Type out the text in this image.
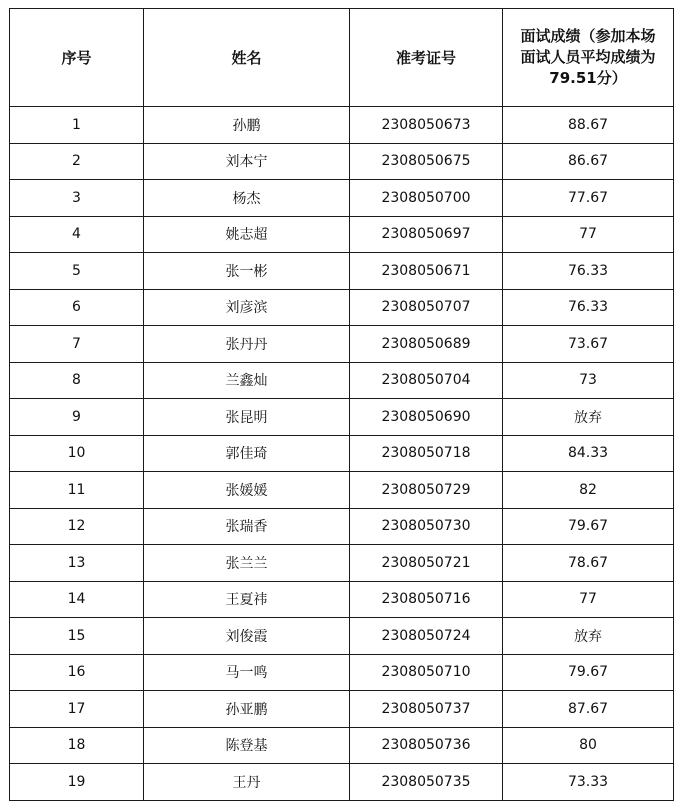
序号	姓名	准考证号	面试成绩（参加本场
面试人员平均成绩为
79.51分）

1	孙鹏	2308050673	88.67
2	刘本宁	2308050675	86.67
3	杨杰	2308050700	77.67
4	姚志超	2308050697	77
5	张一彬	2308050671	76.33
6	刘彦滨	2308050707	76.33
7	张丹丹	2308050689	73.67
8	兰鑫灿	2308050704	73
9	张昆明	2308050690	放弃
10	郭佳琦	2308050718	84.33
11	张媛媛	2308050729	82
12	张瑞香	2308050730	79.67
13	张兰兰	2308050721	78.67
14	王夏祎	2308050716	77
15	刘俊霞	2308050724	放弃
16	马一鸣	2308050710	79.67
17	孙亚鹏	2308050737	87.67
18	陈登基	2308050736	80
19	王丹	2308050735	73.33
